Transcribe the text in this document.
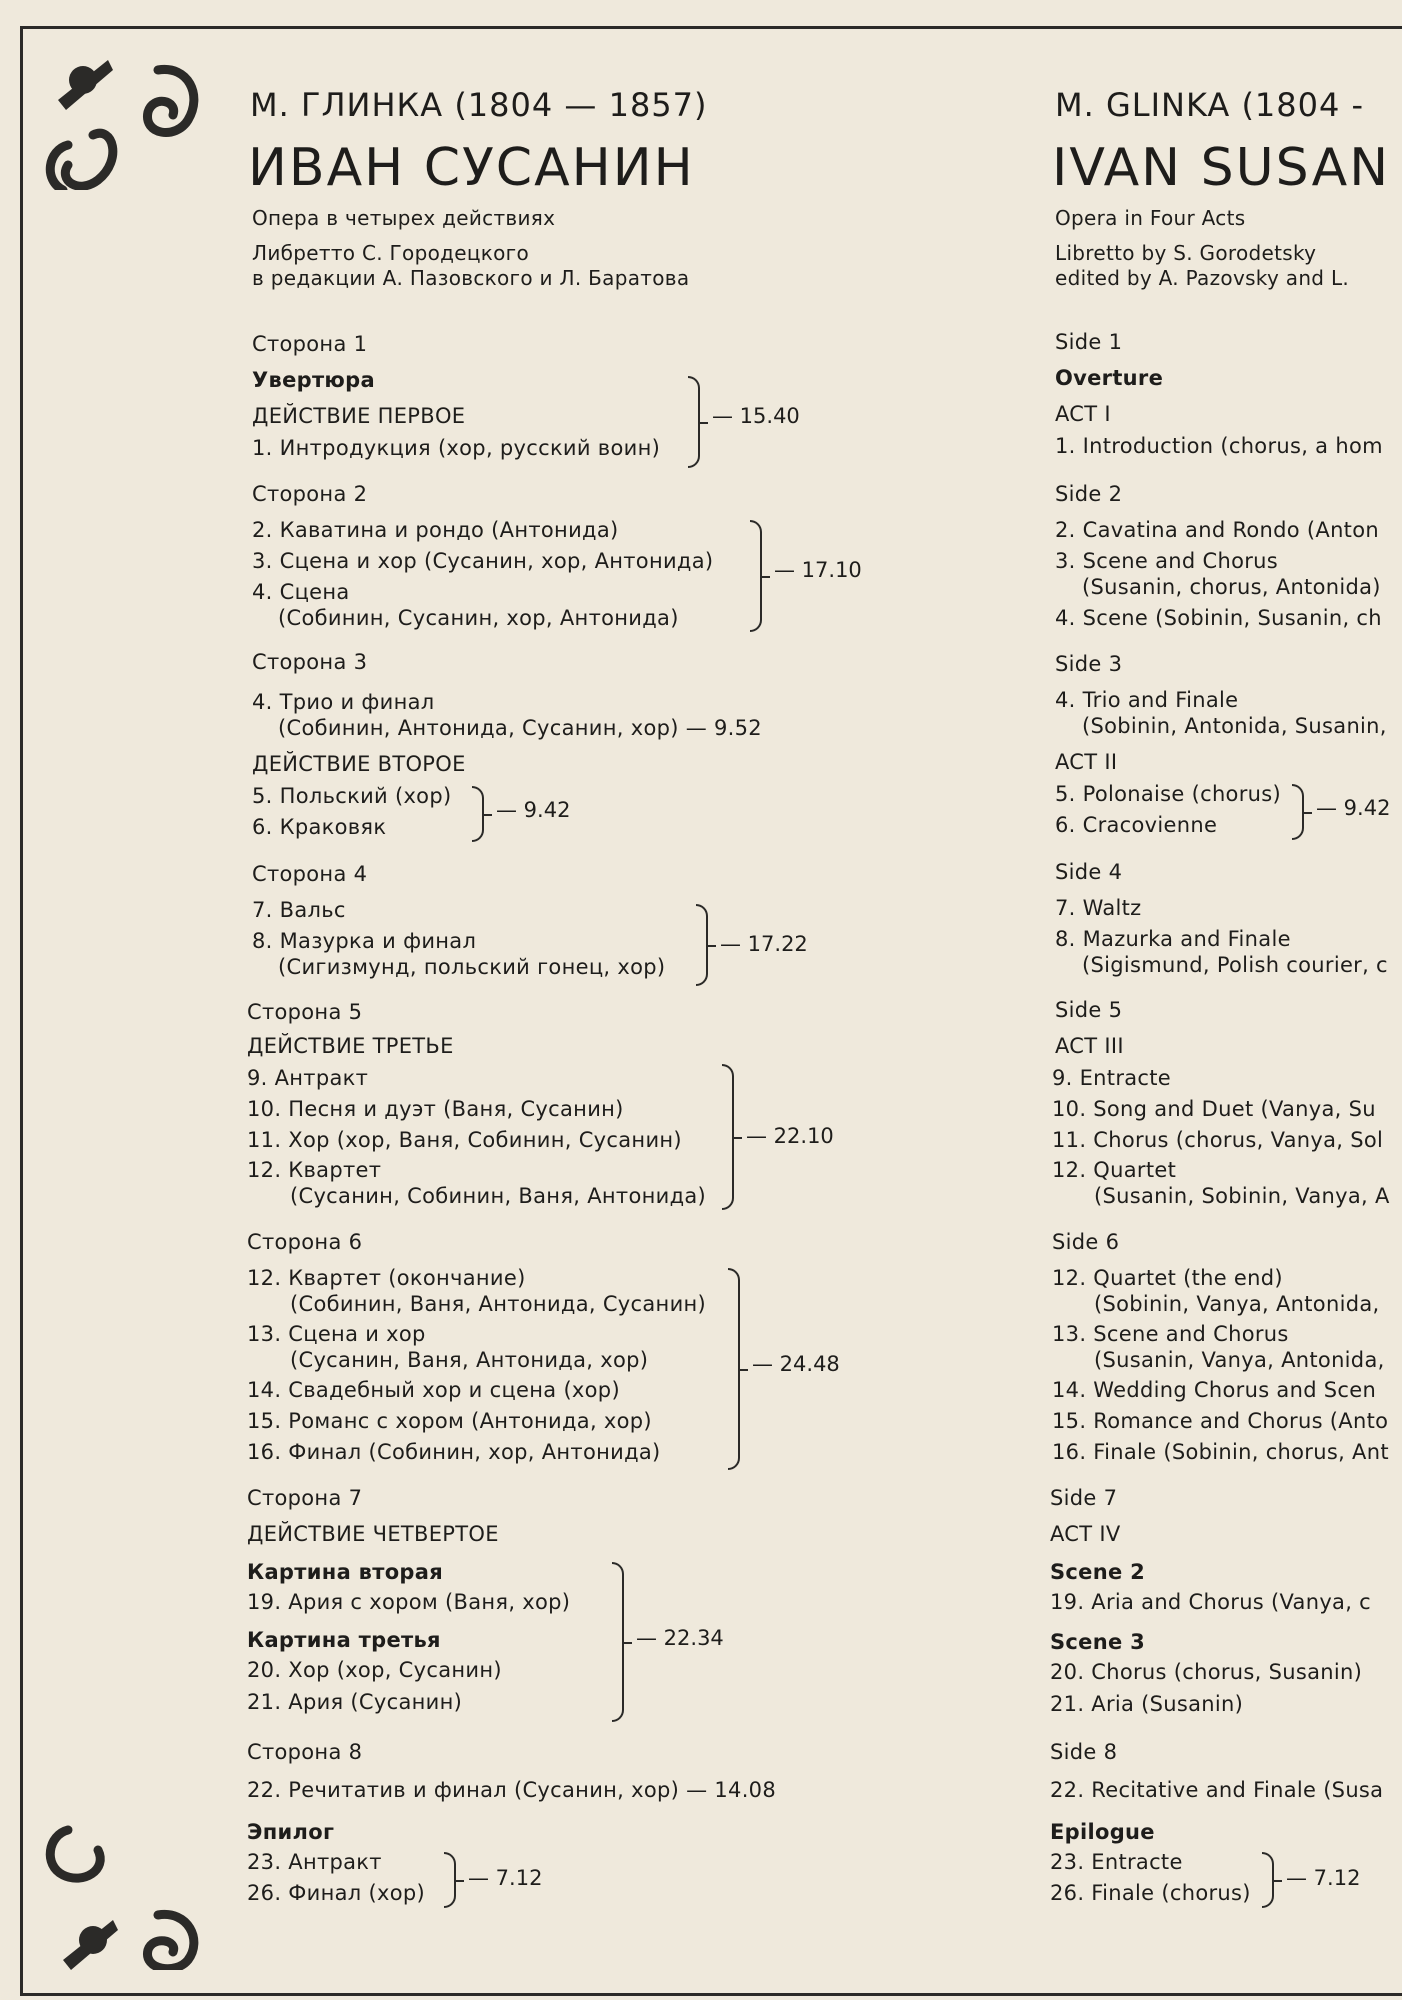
М. ГЛИНКА (1804 — 1857)
ИВАН СУСАНИН
Опера в четырех действиях
Либретто С. Городецкого
в редакции А. Пазовского и Л. Баратова
Сторона 1
Увертюра
ДЕЙСТВИЕ ПЕРВОЕ
1. Интродукция (хор, русский воин)
— 15.40
Сторона 2
2. Каватина и рондо (Антонида)
3. Сцена и хор (Сусанин, хор, Антонида)
4. Сцена
(Собинин, Сусанин, хор, Антонида)
— 17.10
Сторона 3
4. Трио и финал
(Собинин, Антонида, Сусанин, хор) — 9.52
ДЕЙСТВИЕ ВТОРОЕ
5. Польский (хор)
6. Краковяк
— 9.42
Сторона 4
7. Вальс
8. Мазурка и финал
(Сигизмунд, польский гонец, хор)
— 17.22
Сторона 5
ДЕЙСТВИЕ ТРЕТЬЕ
9. Антракт
10. Песня и дуэт (Ваня, Сусанин)
11. Хор (хор, Ваня, Собинин, Сусанин)
12. Квартет
(Сусанин, Собинин, Ваня, Антонида)
— 22.10
Сторона 6
12. Квартет (окончание)
(Собинин, Ваня, Антонида, Сусанин)
13. Сцена и хор
(Сусанин, Ваня, Антонида, хор)
14. Свадебный хор и сцена (хор)
15. Романс с хором (Антонида, хор)
16. Финал (Собинин, хор, Антонида)
— 24.48
Сторона 7
ДЕЙСТВИЕ ЧЕТВЕРТОЕ
Картина вторая
19. Ария с хором (Ваня, хор)
Картина третья
20. Хор (хор, Сусанин)
21. Ария (Сусанин)
— 22.34
Сторона 8
22. Речитатив и финал (Сусанин, хор) — 14.08
Эпилог
23. Антракт
26. Финал (хор)
— 7.12
M. GLINKA (1804 -
IVAN SUSAN
Opera in Four Acts
Libretto by S. Gorodetsky
edited by A. Pazovsky and L.
Side 1
Overture
ACT I
1. Introduction (chorus, a hom
Side 2
2. Cavatina and Rondo (Anton
3. Scene and Chorus
(Susanin, chorus, Antonida)
4. Scene (Sobinin, Susanin, ch
Side 3
4. Trio and Finale
(Sobinin, Antonida, Susanin,
ACT II
5. Polonaise (chorus)
6. Cracovienne
— 9.42
Side 4
7. Waltz
8. Mazurka and Finale
(Sigismund, Polish courier, c
Side 5
ACT III
9. Entracte
10. Song and Duet (Vanya, Su
11. Chorus (chorus, Vanya, Sol
12. Quartet
(Susanin, Sobinin, Vanya, A
Side 6
12. Quartet (the end)
(Sobinin, Vanya, Antonida,
13. Scene and Chorus
(Susanin, Vanya, Antonida,
14. Wedding Chorus and Scen
15. Romance and Chorus (Anto
16. Finale (Sobinin, chorus, Ant
Side 7
ACT IV
Scene 2
19. Aria and Chorus (Vanya, c
Scene 3
20. Chorus (chorus, Susanin)
21. Aria (Susanin)
Side 8
22. Recitative and Finale (Susa
Epilogue
23. Entracte
26. Finale (chorus)
— 7.12
